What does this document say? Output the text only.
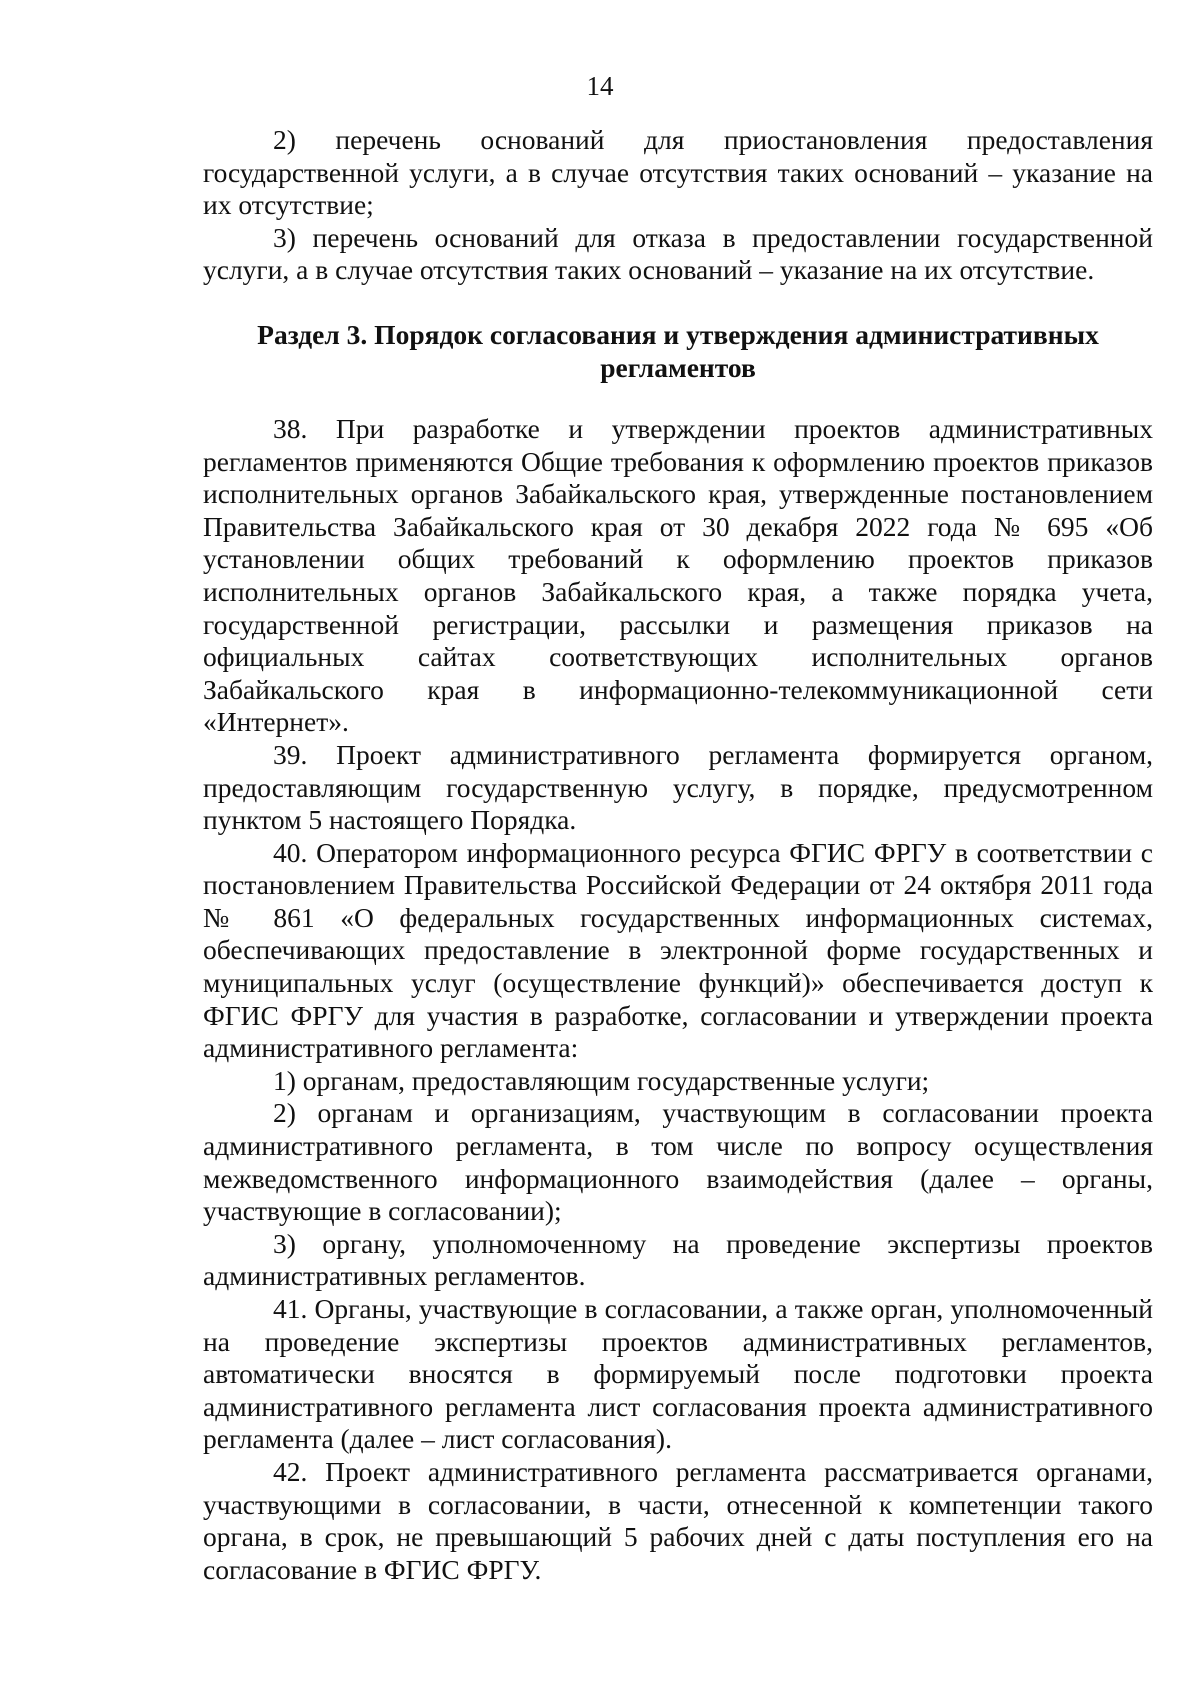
14

2) перечень оснований для приостановления предоставления государственной услуги, а в случае отсутствия таких оснований – указание на их отсутствие;

3) перечень оснований для отказа в предоставлении государственной услуги, а в случае отсутствия таких оснований – указание на их отсутствие.

Раздел 3. Порядок согласования и утверждения административных регламентов

38. При разработке и утверждении проектов административных регламентов применяются Общие требования к оформлению проектов приказов исполнительных органов Забайкальского края, утвержденные постановлением Правительства Забайкальского края от 30 декабря 2022 года № 695 «Об установлении общих требований к оформлению проектов приказов исполнительных органов Забайкальского края, а также порядка учета, государственной регистрации, рассылки и размещения приказов на официальных сайтах соответствующих исполнительных органов Забайкальского края в информационно-телекоммуникационной сети «Интернет».

39. Проект административного регламента формируется органом, предоставляющим государственную услугу, в порядке, предусмотренном пунктом 5 настоящего Порядка.

40. Оператором информационного ресурса ФГИС ФРГУ в соответствии с постановлением Правительства Российской Федерации от 24 октября 2011 года № 861 «О федеральных государственных информационных системах, обеспечивающих предоставление в электронной форме государственных и муниципальных услуг (осуществление функций)» обеспечивается доступ к ФГИС ФРГУ для участия в разработке, согласовании и утверждении проекта административного регламента:

1) органам, предоставляющим государственные услуги;

2) органам и организациям, участвующим в согласовании проекта административного регламента, в том числе по вопросу осуществления межведомственного информационного взаимодействия (далее – органы, участвующие в согласовании);

3) органу, уполномоченному на проведение экспертизы проектов административных регламентов.

41. Органы, участвующие в согласовании, а также орган, уполномоченный на проведение экспертизы проектов административных регламентов, автоматически вносятся в формируемый после подготовки проекта административного регламента лист согласования проекта административного регламента (далее – лист согласования).

42. Проект административного регламента рассматривается органами, участвующими в согласовании, в части, отнесенной к компетенции такого органа, в срок, не превышающий 5 рабочих дней с даты поступления его на согласование в ФГИС ФРГУ.
